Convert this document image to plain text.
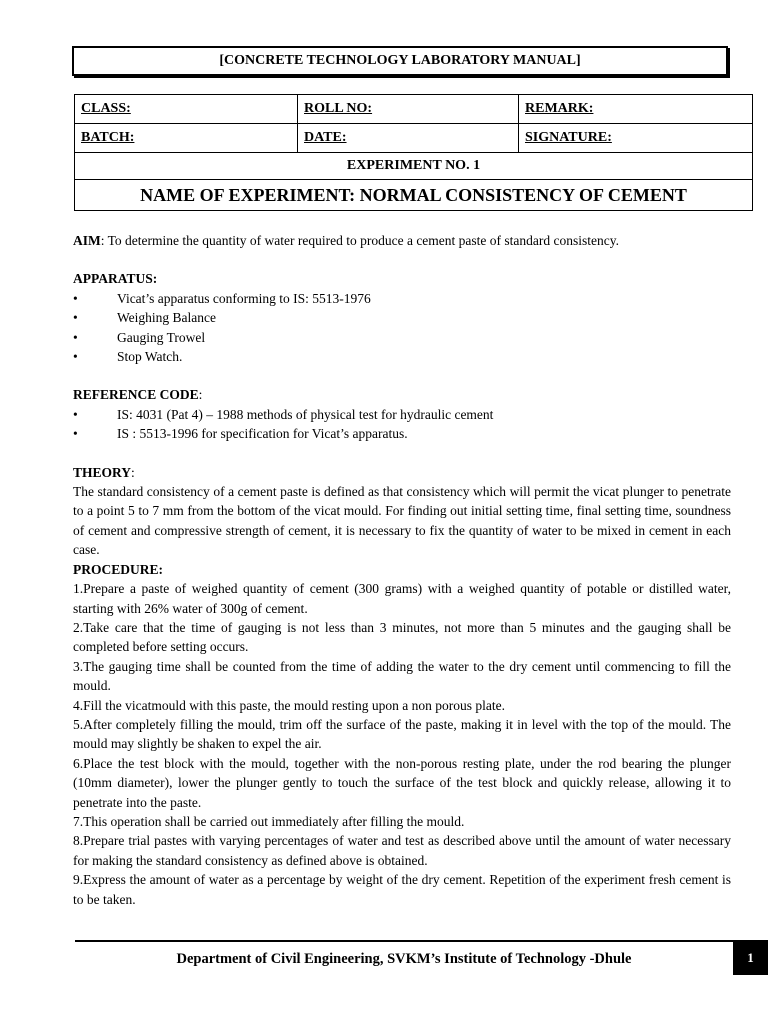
[CONCRETE TECHNOLOGY LABORATORY MANUAL]
CLASS:	ROLL NO:	REMARK:
BATCH:	DATE:	SIGNATURE:
EXPERIMENT NO. 1		
NAME OF EXPERIMENT: NORMAL CONSISTENCY OF CEMENT		

AIM: To determine the quantity of water required to produce a cement paste of standard consistency.

APPARATUS:

• Vicat’s apparatus conforming to IS: 5513-1976
• Weighing Balance
• Gauging Trowel
• Stop Watch.

REFERENCE CODE:

• IS: 4031 (Pat 4) – 1988 methods of physical test for hydraulic cement
• IS : 5513-1996 for specification for Vicat’s apparatus.

THEORY:

The standard consistency of a cement paste is defined as that consistency which will permit the vicat plunger to penetrate to a point 5 to 7 mm from the bottom of the vicat mould. For finding out initial setting time, final setting time, soundness of cement and compressive strength of cement, it is necessary to fix the quantity of water to be mixed in cement in each case.

PROCEDURE:

1.Prepare a paste of weighed quantity of cement (300 grams) with a weighed quantity of potable or distilled water, starting with 26% water of 300g of cement.

2.Take care that the time of gauging is not less than 3 minutes, not more than 5 minutes and the gauging shall be completed before setting occurs.

3.The gauging time shall be counted from the time of adding the water to the dry cement until commencing to fill the mould.

4.Fill the vicatmould with this paste, the mould resting upon a non porous plate.

5.After completely filling the mould, trim off the surface of the paste, making it in level with the top of the mould. The mould may slightly be shaken to expel the air.

6.Place the test block with the mould, together with the non-porous resting plate, under the rod bearing the plunger (10mm diameter), lower the plunger gently to touch the surface of the test block and quickly release, allowing it to penetrate into the paste.

7.This operation shall be carried out immediately after filling the mould.

8.Prepare trial pastes with varying percentages of water and test as described above until the amount of water necessary for making the standard consistency as defined above is obtained.

9.Express the amount of water as a percentage by weight of the dry cement. Repetition of the experiment fresh cement is to be taken.

Department of Civil Engineering, SVKM’s Institute of Technology -Dhule	1
